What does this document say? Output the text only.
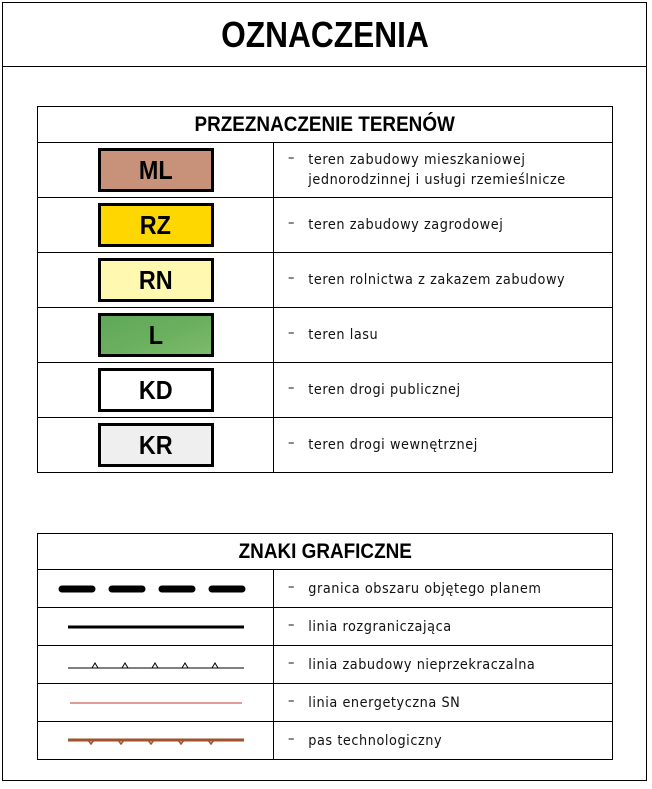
OZNACZENIA
PRZEZNACZENIE TERENÓW	

ML	– teren zabudowy mieszkaniowej
jednorodzinnej i usługi rzemieślnicze

RZ	– teren zabudowy zagrodowej

RN	– teren rolnictwa z zakazem zabudowy

L	– teren lasu

KD	– teren drogi publicznej

KR	– teren drogi wewnętrznej
ZNAKI GRAFICZNE	

– granica obszaru objętego planem

– linia rozgraniczająca

– linia zabudowy nieprzekraczalna

– linia energetyczna SN

– pas technologiczny
